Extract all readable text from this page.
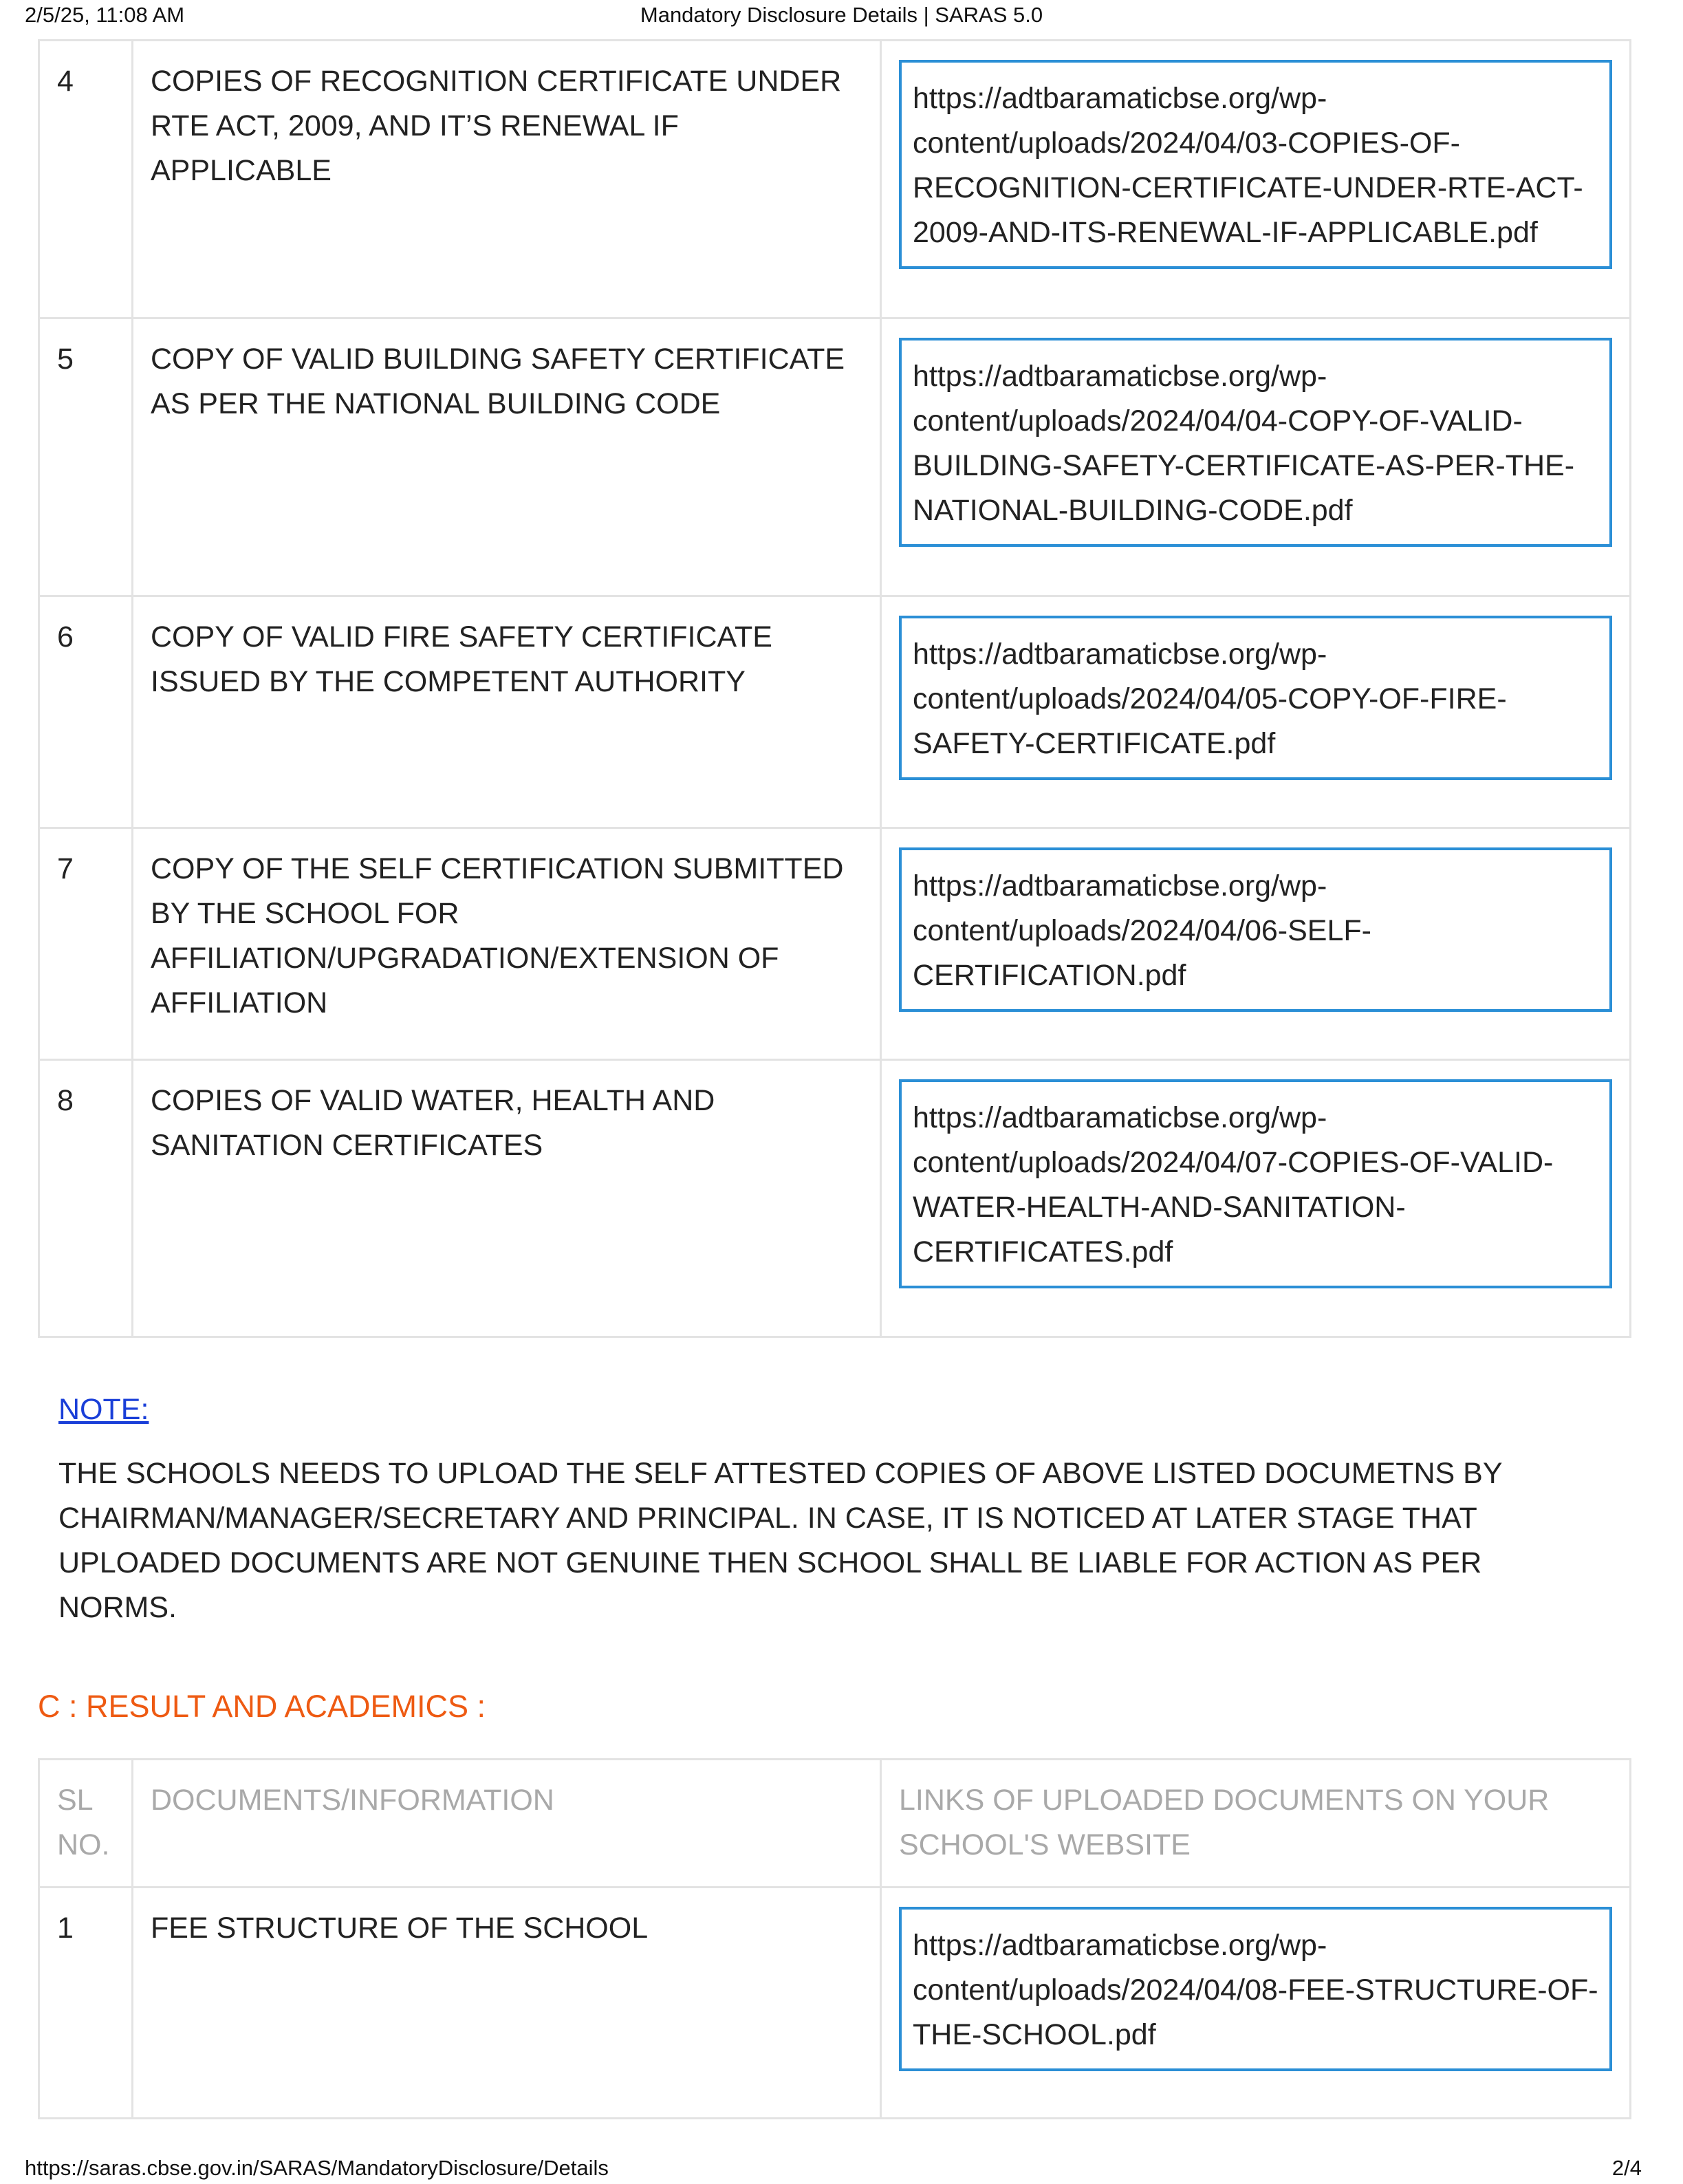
2/5/25, 11:08 AM	Mandatory Disclosure Details | SARAS 5.0
4	COPIES OF RECOGNITION CERTIFICATE UNDER RTE ACT, 2009, AND IT’S RENEWAL IF APPLICABLE	https://adtbaramaticbse.org/wp-content/uploads/2024/04/03-COPIES-OF-RECOGNITION-CERTIFICATE-UNDER-RTE-ACT-2009-AND-ITS-RENEWAL-IF-APPLICABLE.pdf

5	COPY OF VALID BUILDING SAFETY CERTIFICATE AS PER THE NATIONAL BUILDING CODE	https://adtbaramaticbse.org/wp-content/uploads/2024/04/04-COPY-OF-VALID-BUILDING-SAFETY-CERTIFICATE-AS-PER-THE-NATIONAL-BUILDING-CODE.pdf

6	COPY OF VALID FIRE SAFETY CERTIFICATE ISSUED BY THE COMPETENT AUTHORITY	https://adtbaramaticbse.org/wp-content/uploads/2024/04/05-COPY-OF-FIRE-SAFETY-CERTIFICATE.pdf

7	COPY OF THE SELF CERTIFICATION SUBMITTED BY THE SCHOOL FOR AFFILIATION/UPGRADATION/EXTENSION OF AFFILIATION	https://adtbaramaticbse.org/wp-content/uploads/2024/04/06-SELF-CERTIFICATION.pdf

8	COPIES OF VALID WATER, HEALTH AND SANITATION CERTIFICATES	https://adtbaramaticbse.org/wp-content/uploads/2024/04/07-COPIES-OF-VALID-WATER-HEALTH-AND-SANITATION-CERTIFICATES.pdf
NOTE:
THE SCHOOLS NEEDS TO UPLOAD THE SELF ATTESTED COPIES OF ABOVE LISTED DOCUMETNS BY CHAIRMAN/MANAGER/SECRETARY AND PRINCIPAL. IN CASE, IT IS NOTICED AT LATER STAGE THAT UPLOADED DOCUMENTS ARE NOT GENUINE THEN SCHOOL SHALL BE LIABLE FOR ACTION AS PER NORMS.
C : RESULT AND ACADEMICS :
SL NO.	DOCUMENTS/INFORMATION	LINKS OF UPLOADED DOCUMENTS ON YOUR SCHOOL'S WEBSITE
1	FEE STRUCTURE OF THE SCHOOL	https://adtbaramaticbse.org/wp-content/uploads/2024/04/08-FEE-STRUCTURE-OF-THE-SCHOOL.pdf
https://saras.cbse.gov.in/SARAS/MandatoryDisclosure/Details	2/4
